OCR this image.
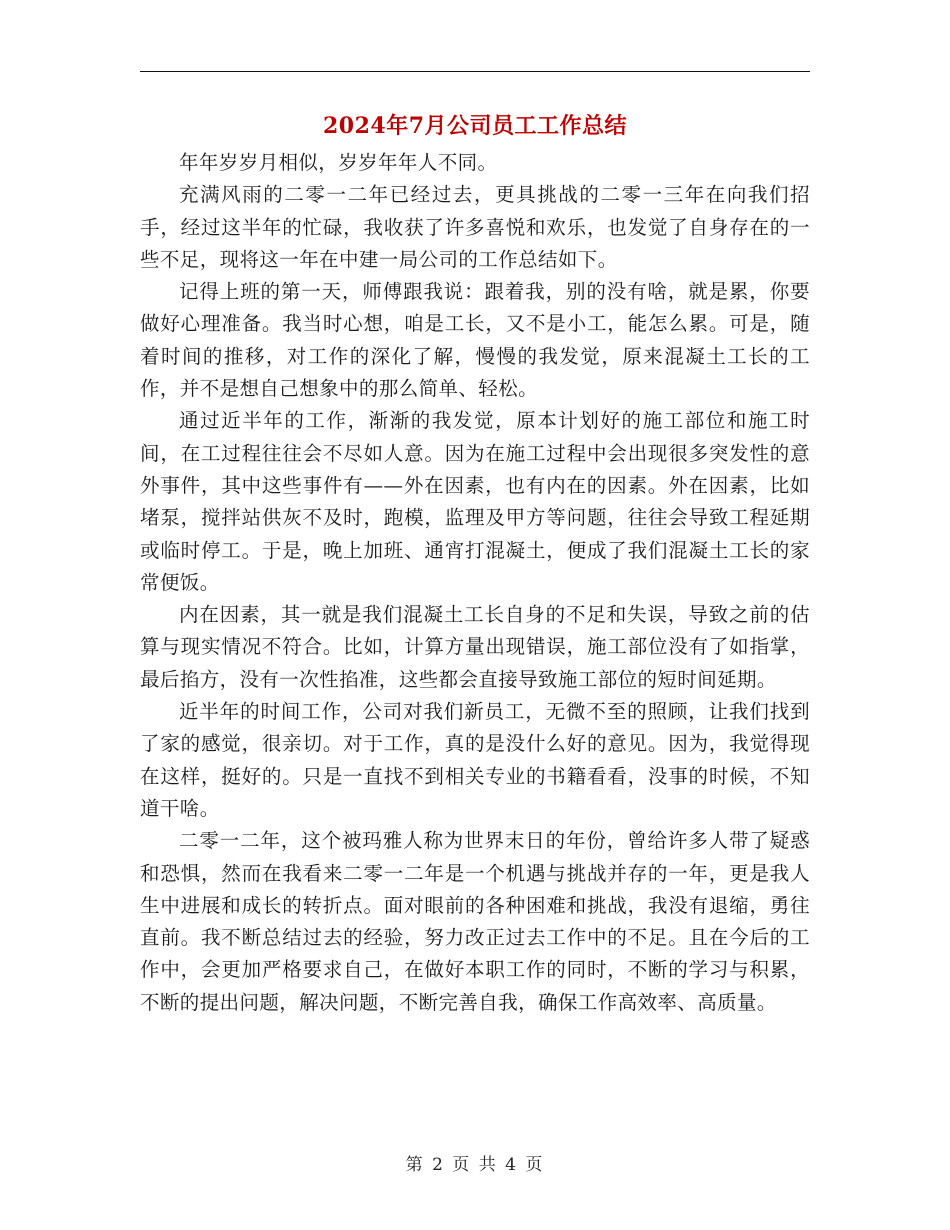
2024年7月公司员工工作总结

年年岁岁月相似，岁岁年年人不同。

充满风雨的二零一二年已经过去，更具挑战的二零一三年在向我们招手，经过这半年的忙碌，我收获了许多喜悦和欢乐，也发觉了自身存在的一些不足，现将这一年在中建一局公司的工作总结如下。

记得上班的第一天，师傅跟我说：跟着我，别的没有啥，就是累，你要做好心理准备。我当时心想，咱是工长，又不是小工，能怎么累。可是，随着时间的推移，对工作的深化了解，慢慢的我发觉，原来混凝土工长的工作，并不是想自己想象中的那么简单、轻松。

通过近半年的工作，渐渐的我发觉，原本计划好的施工部位和施工时间，在工过程往往会不尽如人意。因为在施工过程中会出现很多突发性的意外事件，其中这些事件有——外在因素，也有内在的因素。外在因素，比如堵泵，搅拌站供灰不及时，跑模，监理及甲方等问题，往往会导致工程延期或临时停工。于是，晚上加班、通宵打混凝土，便成了我们混凝土工长的家常便饭。

内在因素，其一就是我们混凝土工长自身的不足和失误，导致之前的估算与现实情况不符合。比如，计算方量出现错误，施工部位没有了如指掌，最后掐方，没有一次性掐准，这些都会直接导致施工部位的短时间延期。

近半年的时间工作，公司对我们新员工，无微不至的照顾，让我们找到了家的感觉，很亲切。对于工作，真的是没什么好的意见。因为，我觉得现在这样，挺好的。只是一直找不到相关专业的书籍看看，没事的时候，不知道干啥。

二零一二年，这个被玛雅人称为世界末日的年份，曾给许多人带了疑惑和恐惧，然而在我看来二零一二年是一个机遇与挑战并存的一年，更是我人生中进展和成长的转折点。面对眼前的各种困难和挑战，我没有退缩，勇往直前。我不断总结过去的经验，努力改正过去工作中的不足。且在今后的工作中，会更加严格要求自己，在做好本职工作的同时，不断的学习与积累，不断的提出问题，解决问题，不断完善自我，确保工作高效率、高质量。

第 2 页 共 4 页
